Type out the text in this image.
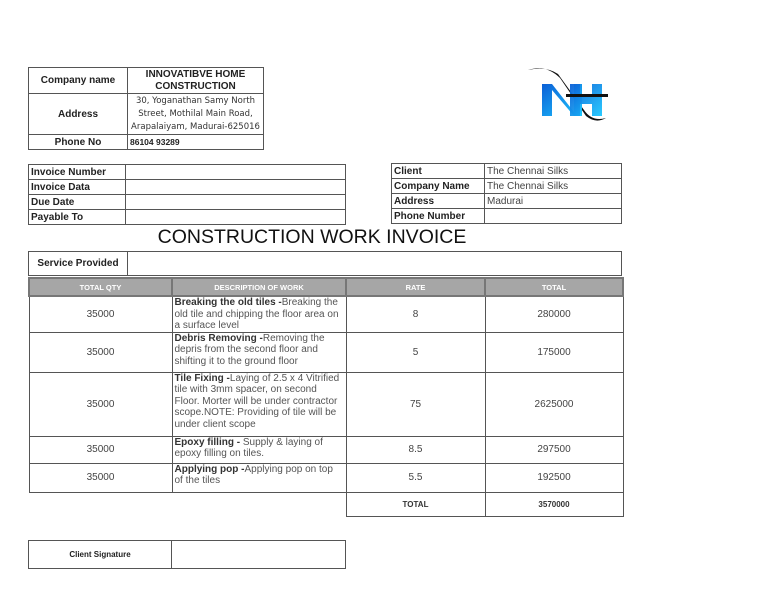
Company name	INNOVATIBVE HOME CONSTRUCTION
Address	30, Yoganathan Samy North
Street, Mothilal Main Road,
Arapalaiyam, Madurai-625016

Phone No	86104 93289
Invoice Number	
Invoice Data	
Due Date	
Payable To	
Client	The Chennai Silks
Company Name	The Chennai Silks
Address	Madurai
Phone Number	
CONSTRUCTION WORK INVOICE
Service Provided
TOTAL QTY	DESCRIPTION OF WORK	RATE	TOTAL
35000	Breaking the old tiles -Breaking the old tile and chipping the floor area on a surface level	8	280000
35000	Debris Removing -Removing the depris from the second floor and shifting it to the ground floor	5	175000
35000	Tile Fixing -Laying of 2.5 x 4 Vitrified tile with 3mm spacer, on second Floor. Morter will be under contractor scope.NOTE: Providing of tile will be under client scope	75	2625000
35000	Epoxy filling - Supply & laying of epoxy filling on tiles.	8.5	297500
35000	Applying pop -Applying pop on top of the tiles	5.5	192500
		TOTAL	3570000
Client Signature	
